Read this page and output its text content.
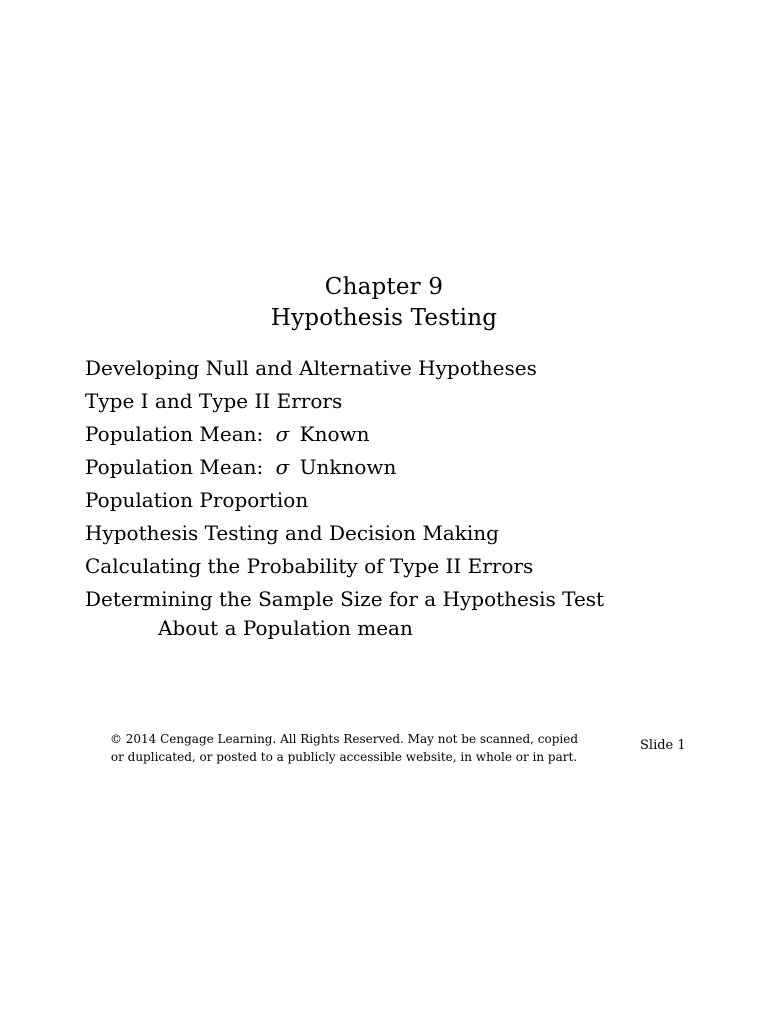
Chapter 9
Hypothesis Testing
Developing Null and Alternative Hypotheses
Type I and Type II Errors
Population Mean: σ Known
Population Mean: σ Unknown
Population Proportion
Hypothesis Testing and Decision Making
Calculating the Probability of Type II Errors
Determining the Sample Size for a Hypothesis Test
About a Population mean
© 2014 Cengage Learning. All Rights Reserved. May not be scanned, copied
or duplicated, or posted to a publicly accessible website, in whole or in part.
Slide 1
